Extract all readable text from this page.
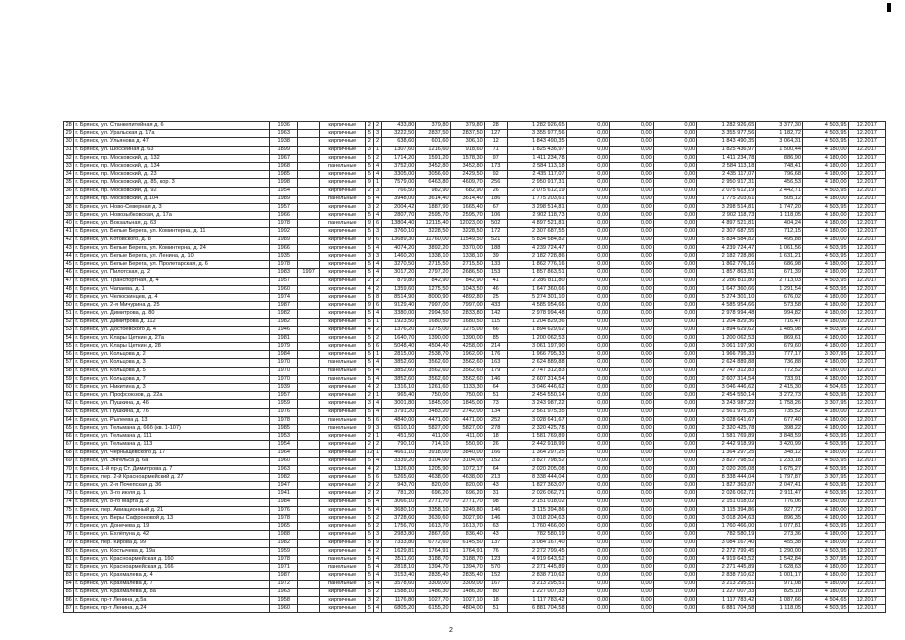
28	г. Брянск, ул. Станкепитейная д. 6	1936		кирпичные	2	2	433,80	379,80	379,80	28	1 282 926,65	0,00	0,00	0,00	1 282 926,65	3 377,30	4 503,95	12.2017
29	г. Брянск, ул. Уральская д. 17а	1963		кирпичные	5	3	3222,50	2837,50	2837,50	127	3 355 977,56	0,00	0,00	0,00	3 355 977,56	1 182,72	4 503,95	12.2017
30	г. Брянск, ул. Ульянова д. 47	1938		кирпичные	2	2	638,60	601,60	306,10	12	1 843 490,35	0,00	0,00	0,00	1 843 490,35	3 064,31	4 503,95	12.2017
31	г. Брянск, ул. Шоссейная д. 63	1899		кирпичные	3	1	1307,60	1216,60	918,60	71	1 825 436,97	0,00	0,00	0,00	1 825 436,97	1 500,44	4 180,00	12.2017
32	г. Брянск, пр. Московский, д. 132	1967		кирпичные	5	2	1714,20	1591,20	1578,30	97	1 411 234,78	0,00	0,00	0,00	1 411 234,78	886,90	4 180,00	12.2017
33	г. Брянск, пр. Московский, д. 134	1968		панельные	5	4	3752,00	3452,80	3452,80	173	2 584 113,18	0,00	0,00	0,00	2 584 113,18	748,41	4 180,00	12.2017
34	г. Брянск, пр. Московский, д. 23	1985		кирпичные	5	4	3305,00	3056,60	2429,50	92	2 435 117,07	0,00	0,00	0,00	2 435 117,07	796,68	4 180,00	12.2017
35	г. Брянск, пр. Московский, д. 85, кор. 3	1998		кирпичные	9	1	7579,00	6463,80	4609,70	256	2 950 917,31	0,00	0,00	0,00	2 950 917,31	456,53	4 180,00	12.2017
36	г. Брянск, пр. Московский, д. 92	1954		кирпичные	2	3	766,50	982,90	682,90	26	2 075 612,19	0,00	0,00	0,00	2 075 612,19	2 442,71	4 503,95	12.2017
37	г. Брянск, пр. Московский, д.104	1989		панельные	5	4	3948,00	3614,40	3614,40	186	1 775 203,61	0,00	0,00	0,00	1 775 203,61	505,12	4 180,00	12.2017
38	г. Брянск, ул. Ново-Северная д. 3	1957		кирпичные	3	2	2004,42	1887,90	1665,40	67	3 298 514,81	0,00	0,00	0,00	3 298 514,81	1 747,20	4 503,95	12.2017
39	г. Брянск, ул. Новозыбковская, д. 17а	1966		кирпичные	5	4	2807,70	2595,70	2595,70	106	2 902 118,73	0,00	0,00	0,00	2 902 118,73	1 118,05	4 180,00	12.2017
40	г. Брянск, ул. Вокзальная, д. 63	1978		панельные	9	6	13804,40	12115,40	12023,00	502	4 897 521,81	0,00	0,00	0,00	4 897 521,81	404,24	4 180,00	12.2017
41	г. Брянск, ул. Белые Берега, ул. Коминтерна, д. 11	1992		кирпичные	5	3	3760,10	3228,50	3228,50	172	2 307 687,55	0,00	0,00	0,00	2 307 687,55	712,15	4 180,00	12.2017
42	г. Брянск, ул. Котовского, д. 8	1989		кирпичные	9	6	13689,30	11760,00	11549,50	521	5 834 584,82	0,00	0,00	0,00	5 834 584,82	495,88	4 180,00	12.2017
43	г. Брянск, ул. Белые Берега, ул. Коминтерна, д. 24	1966		кирпичные	5	4	4074,20	3892,20	3370,00	188	4 239 724,47	0,00	0,00	0,00	4 239 724,47	1 061,56	4 503,95	12.2017
44	г. Брянск, ул. Белые Берега, ул. Ленина, д. 10	1935		кирпичные	3	3	1460,20	1338,10	1338,10	39	2 182 728,86	0,00	0,00	0,00	2 182 728,86	1 631,21	4 503,95	12.2017
45	г. Брянск, ул. Белые Берега, ул. Пролетарская, д. 6	1978		кирпичные	5	4	3270,50	2715,50	2715,50	133	1 862 776,16	0,00	0,00	0,00	1 862 776,16	686,98	4 180,00	12.2017
46	г. Брянск, ул. Пилотская, д. 2	1983	1997	кирпичные	5	4	3017,20	2797,20	2686,50	153	1 857 863,51	0,00	0,00	0,00	1 857 863,51	671,39	4 180,00	12.2017
47	г. Брянск, ул. Транспортная, д. 4	1957		кирпичные	2	2	879,80	842,90	842,90	41	2 286 811,80	0,00	0,00	0,00	2 286 811,80	2 713,03	4 503,95	12.2017
48	г. Брянск, ул. Чапаева, д. 1	1960		кирпичные	4	2	1359,60	1275,50	1043,50	46	1 647 360,66	0,00	0,00	0,00	1 647 360,66	1 291,54	4 503,95	12.2017
49	г. Брянск, ул. Челюскинцев, д. 4	1974		кирпичные	5	8	8514,90	8000,90	4892,80	25	5 274 301,10	0,00	0,00	0,00	5 274 301,10	676,02	4 180,00	12.2017
50	г. Брянск, ул. 2-я Мичурина д. 25	1987		кирпичные	9	6	9129,40	7997,00	7997,00	433	4 585 954,66	0,00	0,00	0,00	4 585 954,66	573,58	4 180,00	12.2017
51	г. Брянск, ул. Димитрова, д. 80	1982		кирпичные	5	4	3380,00	2994,50	2833,80	142	2 978 994,48	0,00	0,00	0,00	2 978 994,48	994,82	4 180,00	12.2017
52	г. Брянск, ул. Димитрова д. 112	1982		кирпичные	5	1	1923,50	1680,50	1680,50	115	1 204 829,36	0,00	0,00	0,00	1 204 829,36	716,47	4 180,00	12.2017
53	г. Брянск, ул. Достоевского д. 4	1946		кирпичные	4	2	1376,20	1275,00	1275,00	66	1 894 629,62	0,00	0,00	0,00	1 894 629,62	1 485,98	4 503,95	12.2017
54	г. Брянск, ул. Клары Цеткин д. 27а	1981		кирпичные	5	2	1640,70	1390,00	1390,00	85	1 200 062,53	0,00	0,00	0,00	1 200 062,53	869,61	4 180,00	12.2017
55	г. Брянск, ул. Клары Цеткин д. 28	1979		кирпичные	5	6	5048,40	4504,40	4258,00	214	3 061 197,90	0,00	0,00	0,00	3 061 197,90	679,60	4 180,00	12.2017
56	г. Брянск, ул. Кольцова д. 2	1984		кирпичные	5	1	2815,00	2538,70	1962,00	176	1 966 795,33	0,00	0,00	0,00	1 966 795,33	777,17	3 307,95	12.2017
57	г. Брянск, ул. Кольцова д. 3	1970		панельные	5	4	3852,60	3562,60	3562,60	163	2 624 889,88	0,00	0,00	0,00	2 624 889,88	736,88	4 180,00	12.2017
58	г. Брянск, ул. Кольцова д. 5	1970		панельные	5	4	3852,60	3562,60	3562,60	179	2 747 312,83	0,00	0,00	0,00	2 747 312,83	772,52	4 180,00	12.2017
59	г. Брянск, ул. Кольцова д. 7	1970		панельные	5	4	3852,60	3562,60	3562,60	146	2 607 314,54	0,00	0,00	0,00	2 607 314,54	733,91	4 180,00	12.2017
60	г. Брянск, ул. Никитина д. 3	1939		кирпичные	4	2	1316,10	1261,60	1133,30	64	3 046 446,62	0,00	0,00	0,00	3 046 446,62	2 415,30	4 504,65	12.2017
61	г. Брянск, ул. Профсоюзов, д. 22а	1957		кирпичные	2	1	965,40	750,00	750,00	51	2 454 550,14	0,00	0,00	0,00	2 454 550,14	3 272,73	4 503,95	12.2017
62	г. Брянск, ул. Пушкина, д. 46	1959		кирпичные	3	4	3001,80	1845,00	1845,00	73	3 243 987,22	0,00	0,00	0,00	3 243 987,22	1 758,26	3 307,95	12.2017
63	г. Брянск, ул. Пушкина, д. 76	1976		кирпичные	5	4	3791,20	3483,20	2742,00	134	2 561 975,35	0,00	0,00	0,00	2 561 975,35	735,52	4 180,00	12.2017
64	г. Брянск, ул. Рылеева д. 13	1978		панельные	5	6	4840,00	4471,00	4471,00	252	3 028 641,67	0,00	0,00	0,00	3 028 641,67	677,40	4 180,00	12.2017
65	г. Брянск, ул. Тельмана д. 66б (кв. 1-107)	1985		панельные	9	3	6510,10	5827,00	5827,00	278	2 320 425,78	0,00	0,00	0,00	2 320 425,78	398,22	4 180,00	12.2017
66	г. Брянск, ул. Тельмана д. 111	1953		кирпичные	2	1	451,50	411,00	411,00	18	1 581 769,89	0,00	0,00	0,00	1 581 769,89	3 848,59	4 503,95	12.2017
67	г. Брянск, ул. Тельмана д. 113	1954		кирпичные	2	2	790,10	714,10	550,90	26	2 442 918,99	0,00	0,00	0,00	2 442 918,99	3 420,99	4 503,95	12.2017
68	г. Брянск, ул. Черныщевского д. 17	1964		кирпичные	12	1	4661,10	3918,00	3840,00	166	1 364 297,25	0,00	0,00	0,00	1 364 297,25	348,12	4 180,00	12.2017
69	г. Брянск, ул. Энгельса д. 6а	1960		кирпичные	5	4	3339,20	3104,00	3104,00	152	3 827 798,52	0,00	0,00	0,00	3 827 798,52	1 233,18	4 503,95	12.2017
70	г. Брянск, 1-й пр-д Ст. Димитрова д. 7	1963		кирпичные	4	2	1326,00	1205,90	1072,17	64	2 020 205,08	0,00	0,00	0,00	2 020 205,08	1 675,27	4 503,95	12.2017
71	г. Брянск, пер. 2-й Красноармейский д. 27	1982		кирпичные	5	6	5265,60	4638,00	4638,00	213	8 338 444,04	0,00	0,00	0,00	8 338 444,04	1 797,87	3 307,95	12.2017
72	г. Брянск, ул. 2-я Почепская д. 36	1947		кирпичные	2	2	943,70	820,00	820,00	43	1 827 363,07	0,00	0,00	0,00	1 827 363,07	2 047,41	4 503,95	12.2017
73	г. Брянск, ул. 3-го июля д. 1	1941		кирпичные	2	2	781,20	696,20	696,20	31	2 026 062,71	0,00	0,00	0,00	2 026 062,71	2 911,47	4 503,95	12.2017
74	г. Брянск, ул. 8-го Марта д. 2	1984		кирпичные	5	4	3066,10	2771,70	2771,70	98	2 151 018,02	0,00	0,00	0,00	2 151 018,02	776,06	4 180,00	12.2017
75	г. Брянск, пер. Авиационный д. 21	1976		кирпичные	5	4	3680,10	3358,10	3249,80	146	3 115 394,86	0,00	0,00	0,00	3 115 394,86	927,72	4 180,00	12.2017
76	г. Брянск, ул. Веры Сафроновой д. 13	1978		кирпичные	5	2	3728,60	3639,60	3027,90	146	3 018 204,63	0,00	0,00	0,00	3 018 204,63	896,35	4 180,00	12.2017
77	г. Брянск, ул. Донечева д. 19	1965		кирпичные	5	2	1756,70	1613,70	1613,70	63	1 760 466,00	0,00	0,00	0,00	1 760 466,00	1 077,81	4 503,95	12.2017
78	г. Брянск, ул. Ехлёпуна д. 42	1988		кирпичные	5	3	2983,80	2867,60	836,40	43	782 580,19	0,00	0,00	0,00	782 580,19	273,36	4 180,00	12.2017
79	г. Брянск, пер. Кирова д. 99	1982		кирпичные	5	9	7333,80	6772,60	6145,50	137	3 084 167,40	0,00	0,00	0,00	3 084 167,40	455,38	4 180,00	12.2017
80	г. Брянск, ул. Костычева д. 19а	1959		кирпичные	4	2	1629,81	1764,91	1764,91	76	2 272 799,45	0,00	0,00	0,00	2 272 799,45	1 290,00	4 503,95	12.2017
81	г. Брянск, ул. Красноармейская д. 160	1978		панельные	5	4	3511,60	3188,70	3188,70	123	4 919 643,52	0,00	0,00	0,00	4 919 643,52	1 542,84	3 307,95	12.2017
82	г. Брянск, ул. Красноармейская д. 166	1971		панельные	5	4	2818,10	1394,70	1394,70	570	2 271 445,89	0,00	0,00	0,00	2 271 445,89	1 628,63	4 180,00	12.2017
83	г. Брянск, ул. Крахмалева д. 4	1987		кирпичные	5	4	3153,40	2835,40	2835,40	152	2 838 710,62	0,00	0,00	0,00	2 838 710,62	1 001,17	4 180,00	12.2017
84	г. Брянск, ул. Крахмалева д. 7	1972		панельные	5	4	3578,60	3309,00	3309,00	167	3 213 295,51	0,00	0,00	0,00	3 213 295,51	971,08	4 180,00	12.2017
85	г. Брянск, ул. Крахмалева д. 8а	1963		кирпичные	5	2	1588,10	1486,30	1486,30	80	1 227 007,33	0,00	0,00	0,00	1 227 007,33	825,10	4 180,00	12.2017
86	г. Брянск, пр-т Ленина, д.5а	1958		кирпичные	3	2	1176,80	1027,70	1027,10	18	1 117 783,42	0,00	0,00	0,00	1 117 783,42	1 087,66	4 504,65	12.2017
87	г. Брянск, пр-т Ленина, д.24	1960		кирпичные	5	4	6805,20	6155,20	4804,00	51	6 881 704,58	0,00	0,00	0,00	6 881 704,58	1 118,05	4 503,95	12.2017
2
